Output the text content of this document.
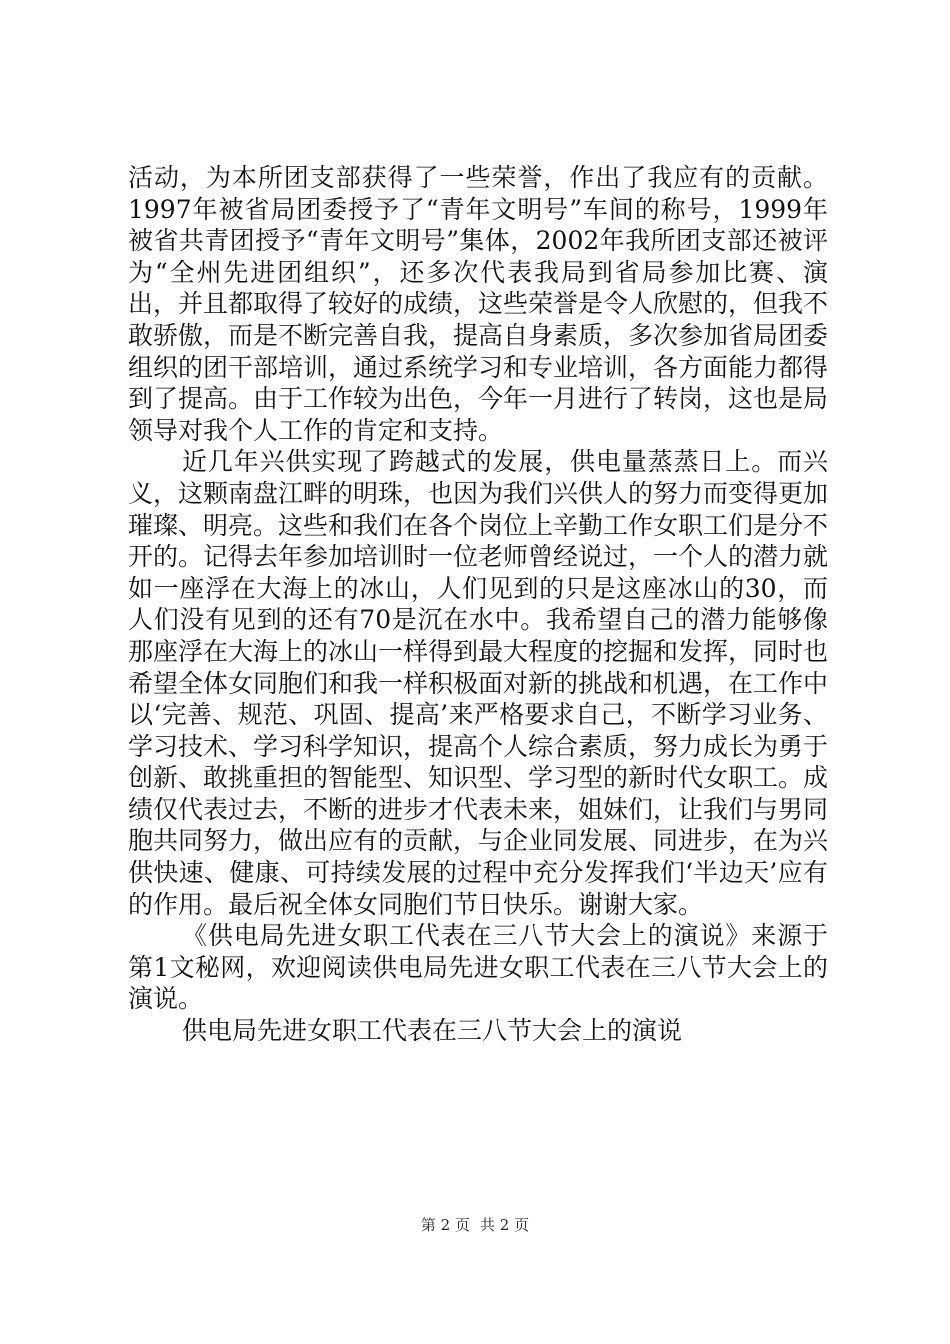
活动，为本所团支部获得了一些荣誉，作出了我应有的贡献。1997年被省局团委授予了“青年文明号”车间的称号，1999年被省共青团授予“青年文明号”集体，2002年我所团支部还被评为“全州先进团组织”，还多次代表我局到省局参加比赛、演出，并且都取得了较好的成绩，这些荣誉是令人欣慰的，但我不敢骄傲，而是不断完善自我，提高自身素质，多次参加省局团委组织的团干部培训，通过系统学习和专业培训，各方面能力都得到了提高。由于工作较为出色，今年一月进行了转岗，这也是局领导对我个人工作的肯定和支持。

近几年兴供实现了跨越式的发展，供电量蒸蒸日上。而兴义，这颗南盘江畔的明珠，也因为我们兴供人的努力而变得更加璀璨、明亮。这些和我们在各个岗位上辛勤工作女职工们是分不开的。记得去年参加培训时一位老师曾经说过，一个人的潜力就如一座浮在大海上的冰山，人们见到的只是这座冰山的30，而人们没有见到的还有70是沉在水中。我希望自己的潜力能够像那座浮在大海上的冰山一样得到最大程度的挖掘和发挥，同时也希望全体女同胞们和我一样积极面对新的挑战和机遇，在工作中以‘完善、规范、巩固、提高’来严格要求自己，不断学习业务、学习技术、学习科学知识，提高个人综合素质，努力成长为勇于创新、敢挑重担的智能型、知识型、学习型的新时代女职工。成绩仅代表过去，不断的进步才代表未来，姐妹们，让我们与男同胞共同努力，做出应有的贡献，与企业同发展、同进步，在为兴供快速、健康、可持续发展的过程中充分发挥我们‘半边天’应有的作用。最后祝全体女同胞们节日快乐。谢谢大家。

《供电局先进女职工代表在三八节大会上的演说》来源于第1文秘网，欢迎阅读供电局先进女职工代表在三八节大会上的演说。

供电局先进女职工代表在三八节大会上的演说

第 2 页 共 2 页
